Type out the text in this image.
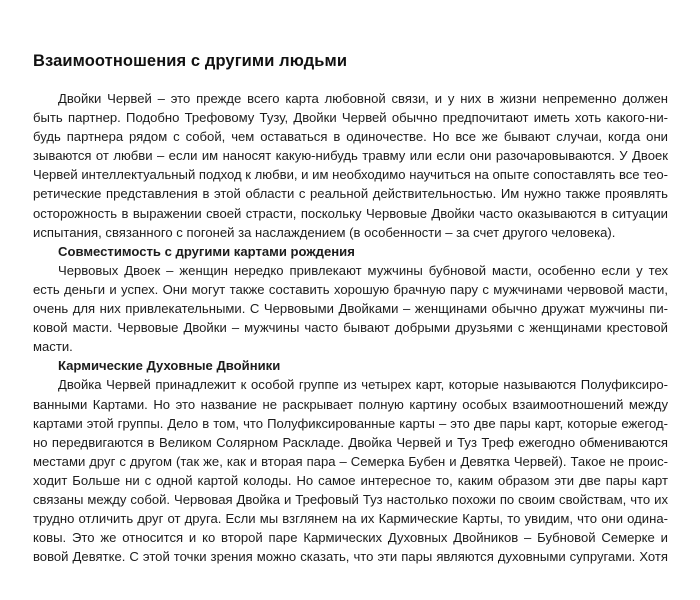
Взаимоотношения с другими людьми
Двойки Червей – это прежде всего карта любовной связи, и у них в жизни непременно должен
быть партнер. Подобно Трефовому Тузу, Двойки Червей обычно предпочитают иметь хоть какого-ни-
будь партнера рядом с собой, чем оставаться в одиночестве. Но все же бывают случаи, когда они
зываются от любви – если им наносят какую-нибудь травму или если они разочаровываются. У Двоек
Червей интеллектуальный подход к любви, и им необходимо научиться на опыте сопоставлять все тео-
ретические представления в этой области с реальной действительностью. Им нужно также проявлять
осторожность в выражении своей страсти, поскольку Червовые Двойки часто оказываются в ситуации
испытания, связанного с погоней за наслаждением (в особенности – за счет другого человека).
Совместимость с другими картами рождения
Червовых Двоек – женщин нередко привлекают мужчины бубновой масти, особенно если у тех
есть деньги и успех. Они могут также составить хорошую брачную пару с мужчинами червовой масти,
очень для них привлекательными. С Червовыми Двойками – женщинами обычно дружат мужчины пи-
ковой масти. Червовые Двойки – мужчины часто бывают добрыми друзьями с женщинами крестовой
масти.
Кармические Духовные Двойники
Двойка Червей принадлежит к особой группе из четырех карт, которые называются Полуфиксиро-
ванными Картами. Но это название не раскрывает полную картину особых взаимоотношений между
картами этой группы. Дело в том, что Полуфиксированные карты – это две пары карт, которые ежегод-
но передвигаются в Великом Солярном Раскладе. Двойка Червей и Туз Треф ежегодно обмениваются
местами друг с другом (так же, как и вторая пара – Семерка Бубен и Девятка Червей). Такое не проис-
ходит Больше ни с одной картой колоды. Но самое интересное то, каким образом эти две пары карт
связаны между собой. Червовая Двойка и Трефовый Туз настолько похожи по своим свойствам, что их
трудно отличить друг от друга. Если мы взглянем на их Кармические Карты, то увидим, что они одина-
ковы. Это же относится и ко второй паре Кармических Духовных Двойников – Бубновой Семерке и
вовой Девятке. С этой точки зрения можно сказать, что эти пары являются духовными супругами. Хотя
